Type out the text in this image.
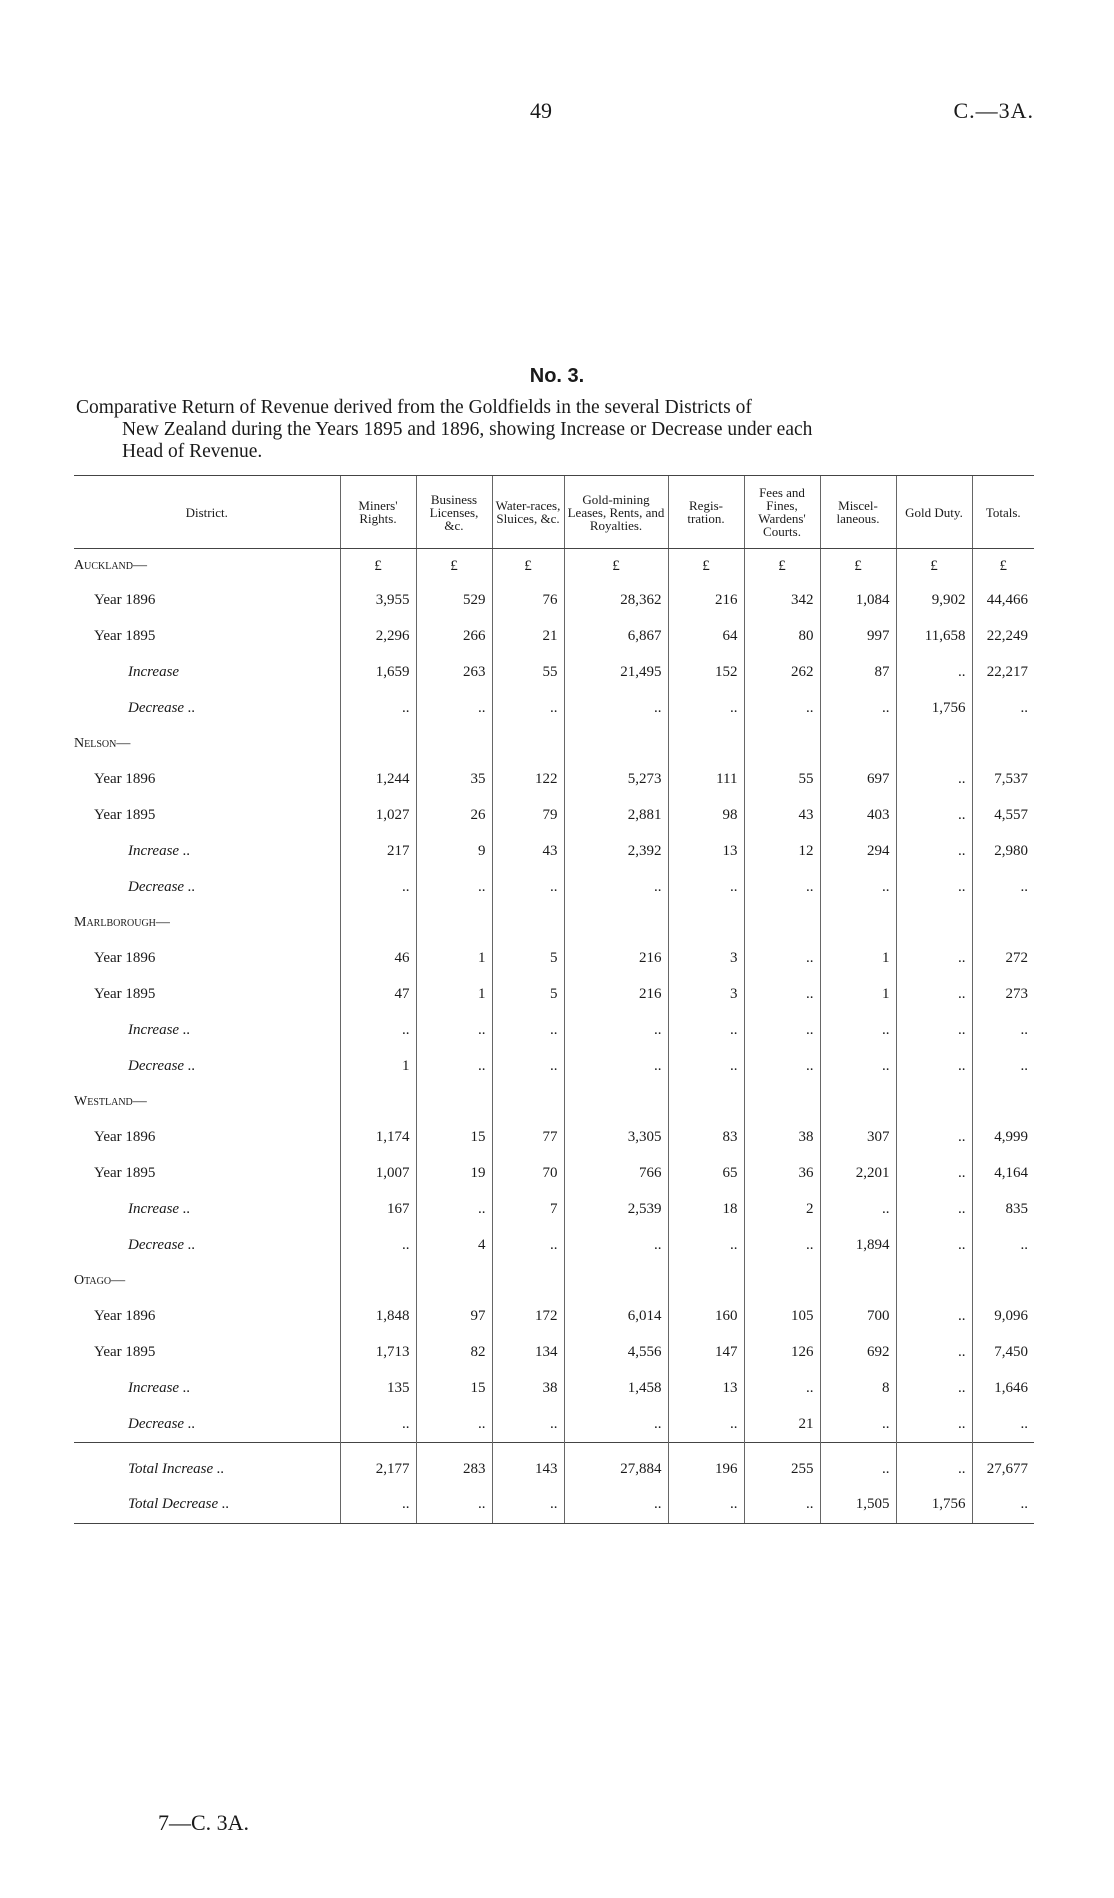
49	C.—3A.
No. 3.
Comparative Return of Revenue derived from the Goldfields in the several Districts of
New Zealand during the Years 1895 and 1896, showing Increase or Decrease under each
Head of Revenue.
District.	Miners' Rights.	Business Licenses, &c.	Water-races, Sluices, &c.	Gold-mining Leases, Rents, and Royalties.	Regis-tration.	Fees and Fines, Wardens' Courts.	Miscel-laneous.	Gold Duty.	Totals.
Auckland—	£	£	£	£	£	£	£	£	£
Year 1896	3,955	529	76	28,362	216	342	1,084	9,902	44,466
Year 1895	2,296	266	21	6,867	64	80	997	11,658	22,249
Increase	1,659	263	55	21,495	152	262	87	..	22,217
Decrease ..	..	..	..	..	..	..	..	1,756	..
Nelson—									
Year 1896	1,244	35	122	5,273	111	55	697	..	7,537
Year 1895	1,027	26	79	2,881	98	43	403	..	4,557
Increase ..	217	9	43	2,392	13	12	294	..	2,980
Decrease ..	..	..	..	..	..	..	..	..	..
Marlborough—									
Year 1896	46	1	5	216	3	..	1	..	272
Year 1895	47	1	5	216	3	..	1	..	273
Increase ..	..	..	..	..	..	..	..	..	..
Decrease ..	1	..	..	..	..	..	..	..	..
Westland—									
Year 1896	1,174	15	77	3,305	83	38	307	..	4,999
Year 1895	1,007	19	70	766	65	36	2,201	..	4,164
Increase ..	167	..	7	2,539	18	2	..	..	835
Decrease ..	..	4	..	..	..	..	1,894	..	..
Otago—									
Year 1896	1,848	97	172	6,014	160	105	700	..	9,096
Year 1895	1,713	82	134	4,556	147	126	692	..	7,450
Increase ..	135	15	38	1,458	13	..	8	..	1,646
Decrease ..	..	..	..	..	..	21	..	..	..
Total Increase ..	2,177	283	143	27,884	196	255	..	..	27,677
Total Decrease ..	..	..	..	..	..	..	1,505	1,756	..
7—C. 3A.
